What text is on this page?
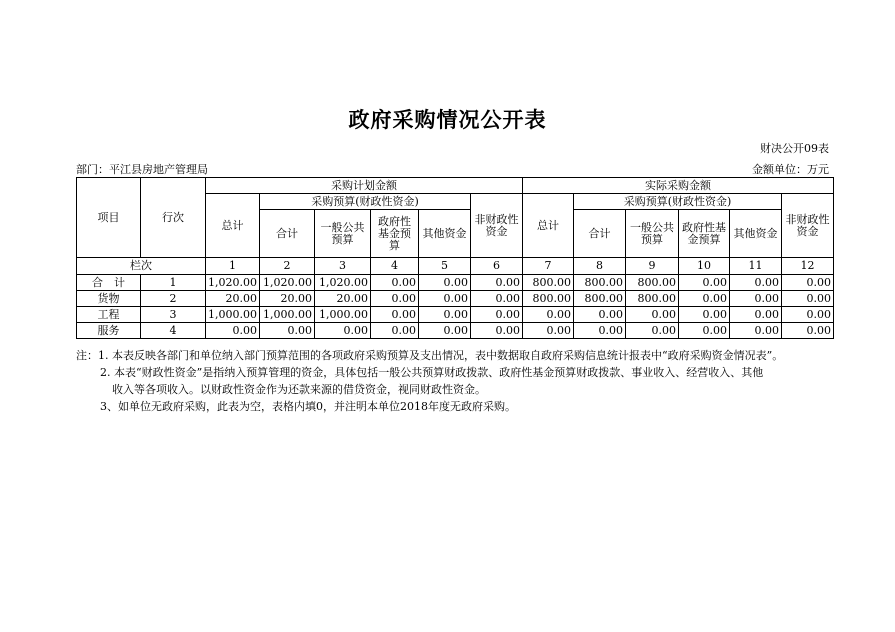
政府采购情况公开表
财决公开09表
部门：平江县房地产管理局	金额单位：万元
项目	行次	采购计划金额						实际采购金额					
		总计	采购预算(财政性资金)				非财政性资金	总计	采购预算(财政性资金)				非财政性资金
			合计	一般公共预算	政府性基金预算	其他资金			合计	一般公共预算	政府性基金预算	其他资金	
栏次		1	2	3	4	5	6	7	8	9	10	11	12
合　计	1	1,020.00	1,020.00	1,020.00	0.00	0.00	0.00	800.00	800.00	800.00	0.00	0.00	0.00
货物	2	20.00	20.00	20.00	0.00	0.00	0.00	800.00	800.00	800.00	0.00	0.00	0.00
工程	3	1,000.00	1,000.00	1,000.00	0.00	0.00	0.00	0.00	0.00	0.00	0.00	0.00	0.00
服务	4	0.00	0.00	0.00	0.00	0.00	0.00	0.00	0.00	0.00	0.00	0.00	0.00

注：1. 本表反映各部门和单位纳入部门预算范围的各项政府采购预算及支出情况，表中数据取自政府采购信息统计报表中“政府采购资金情况表”。

2. 本表“财政性资金”是指纳入预算管理的资金，具体包括一般公共预算财政拨款、政府性基金预算财政拨款、事业收入、经营收入、其他

收入等各项收入。以财政性资金作为还款来源的借贷资金，视同财政性资金。

3、如单位无政府采购，此表为空，表格内填0，并注明本单位2018年度无政府采购。
